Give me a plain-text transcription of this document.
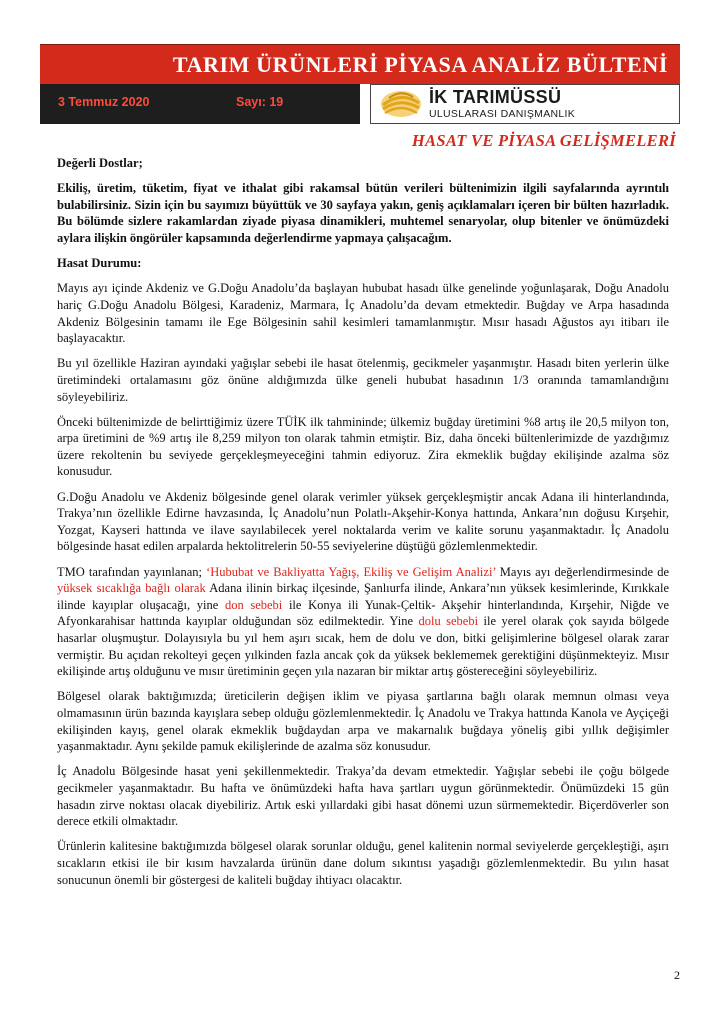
TARIM ÜRÜNLERİ PİYASA ANALİZ BÜLTENİ
3 Temmuz 2020	Sayı: 19	İK TARIMÜSSÜ
ULUSLARASI DANIŞMANLIK
HASAT VE PİYASA GELİŞMELERİ

Değerli Dostlar;

Ekiliş, üretim, tüketim, fiyat ve ithalat gibi rakamsal bütün verileri bültenimizin ilgili sayfalarında ayrıntılı bulabilirsiniz. Sizin için bu sayımızı büyüttük ve 30 sayfaya yakın, geniş açıklamaları içeren bir bülten hazırladık. Bu bölümde sizlere rakamlardan ziyade piyasa dinamikleri, muhtemel senaryolar, olup bitenler ve önümüzdeki aylara ilişkin öngörüler kapsamında değerlendirme yapmaya çalışacağım.

Hasat Durumu:

Mayıs ayı içinde Akdeniz ve G.Doğu Anadolu’da başlayan hububat hasadı ülke genelinde yoğunlaşarak, Doğu Anadolu hariç G.Doğu Anadolu Bölgesi, Karadeniz, Marmara, İç Anadolu’da devam etmektedir. Buğday ve Arpa hasadında Akdeniz Bölgesinin tamamı ile Ege Bölgesinin sahil kesimleri tamamlanmıştır. Mısır hasadı Ağustos ayı itibarı ile başlayacaktır.

Bu yıl özellikle Haziran ayındaki yağışlar sebebi ile hasat ötelenmiş, gecikmeler yaşanmıştır. Hasadı biten yerlerin ülke üretimindeki ortalamasını göz önüne aldığımızda ülke geneli hububat hasadının 1/3 oranında tamamlandığını söyleyebiliriz.

Önceki bültenimizde de belirttiğimiz üzere TÜİK ilk tahmininde; ülkemiz buğday üretimini %8 artış ile 20,5 milyon ton, arpa üretimini de %9 artış ile 8,259 milyon ton olarak tahmin etmiştir. Biz, daha önceki bültenlerimizde de yazdığımız üzere rekoltenin bu seviyede gerçekleşmeyeceğini tahmin ediyoruz. Zira ekmeklik buğday ekilişinde azalma söz konusudur.

G.Doğu Anadolu ve Akdeniz bölgesinde genel olarak verimler yüksek gerçekleşmiştir ancak Adana ili hinterlandında, Trakya’nın özellikle Edirne havzasında, İç Anadolu’nun Polatlı-Akşehir-Konya hattında, Ankara’nın doğusu Kırşehir, Yozgat, Kayseri hattında ve ilave sayılabilecek yerel noktalarda verim ve kalite sorunu yaşanmaktadır. İç Anadolu bölgesinde hasat edilen arpalarda hektolitrelerin 50-55 seviyelerine düştüğü gözlemlenmektedir.

TMO tarafından yayınlanan; ‘Hububat ve Bakliyatta Yağış, Ekiliş ve Gelişim Analizi’ Mayıs ayı değerlendirmesinde de yüksek sıcaklığa bağlı olarak Adana ilinin birkaç ilçesinde, Şanlıurfa ilinde, Ankara’nın yüksek kesimlerinde, Kırıkkale ilinde kayıplar oluşacağı, yine don sebebi ile Konya ili Yunak-Çeltik- Akşehir hinterlandında, Kırşehir, Niğde ve Afyonkarahisar hattında kayıplar olduğundan söz edilmektedir. Yine dolu sebebi ile yerel olarak çok sayıda bölgede hasarlar oluşmuştur. Dolayısıyla bu yıl hem aşırı sıcak, hem de dolu ve don, bitki gelişimlerine bölgesel olarak zarar vermiştir. Bu açıdan rekolteyi geçen yılkinden fazla ancak çok da yüksek beklememek gerektiğini düşünmekteyiz. Mısır ekilişinde artış olduğunu ve mısır üretiminin geçen yıla nazaran bir miktar artış göstereceğini söyleyebiliriz.

Bölgesel olarak baktığımızda; üreticilerin değişen iklim ve piyasa şartlarına bağlı olarak memnun olması veya olmamasının ürün bazında kayışlara sebep olduğu gözlemlenmektedir. İç Anadolu ve Trakya hattında Kanola ve Ayçiçeği ekilişinden kayış, genel olarak ekmeklik buğdaydan arpa ve makarnalık buğdaya yöneliş gibi yıllık değişimler yaşanmaktadır. Aynı şekilde pamuk ekilişlerinde de azalma söz konusudur.

İç Anadolu Bölgesinde hasat yeni şekillenmektedir. Trakya’da devam etmektedir. Yağışlar sebebi ile çoğu bölgede gecikmeler yaşanmaktadır. Bu hafta ve önümüzdeki hafta hava şartları uygun görünmektedir. Önümüzdeki 15 gün hasadın zirve noktası olacak diyebiliriz. Artık eski yıllardaki gibi hasat dönemi uzun sürmemektedir. Biçerdöverler son derece etkili olmaktadır.

Ürünlerin kalitesine baktığımızda bölgesel olarak sorunlar olduğu, genel kalitenin normal seviyelerde gerçekleştiği, aşırı sıcakların etkisi ile bir kısım havzalarda ürünün dane dolum sıkıntısı yaşadığı gözlemlenmektedir. Bu yılın hasat sonucunun önemli bir göstergesi de kaliteli buğday ihtiyacı olacaktır.

2
